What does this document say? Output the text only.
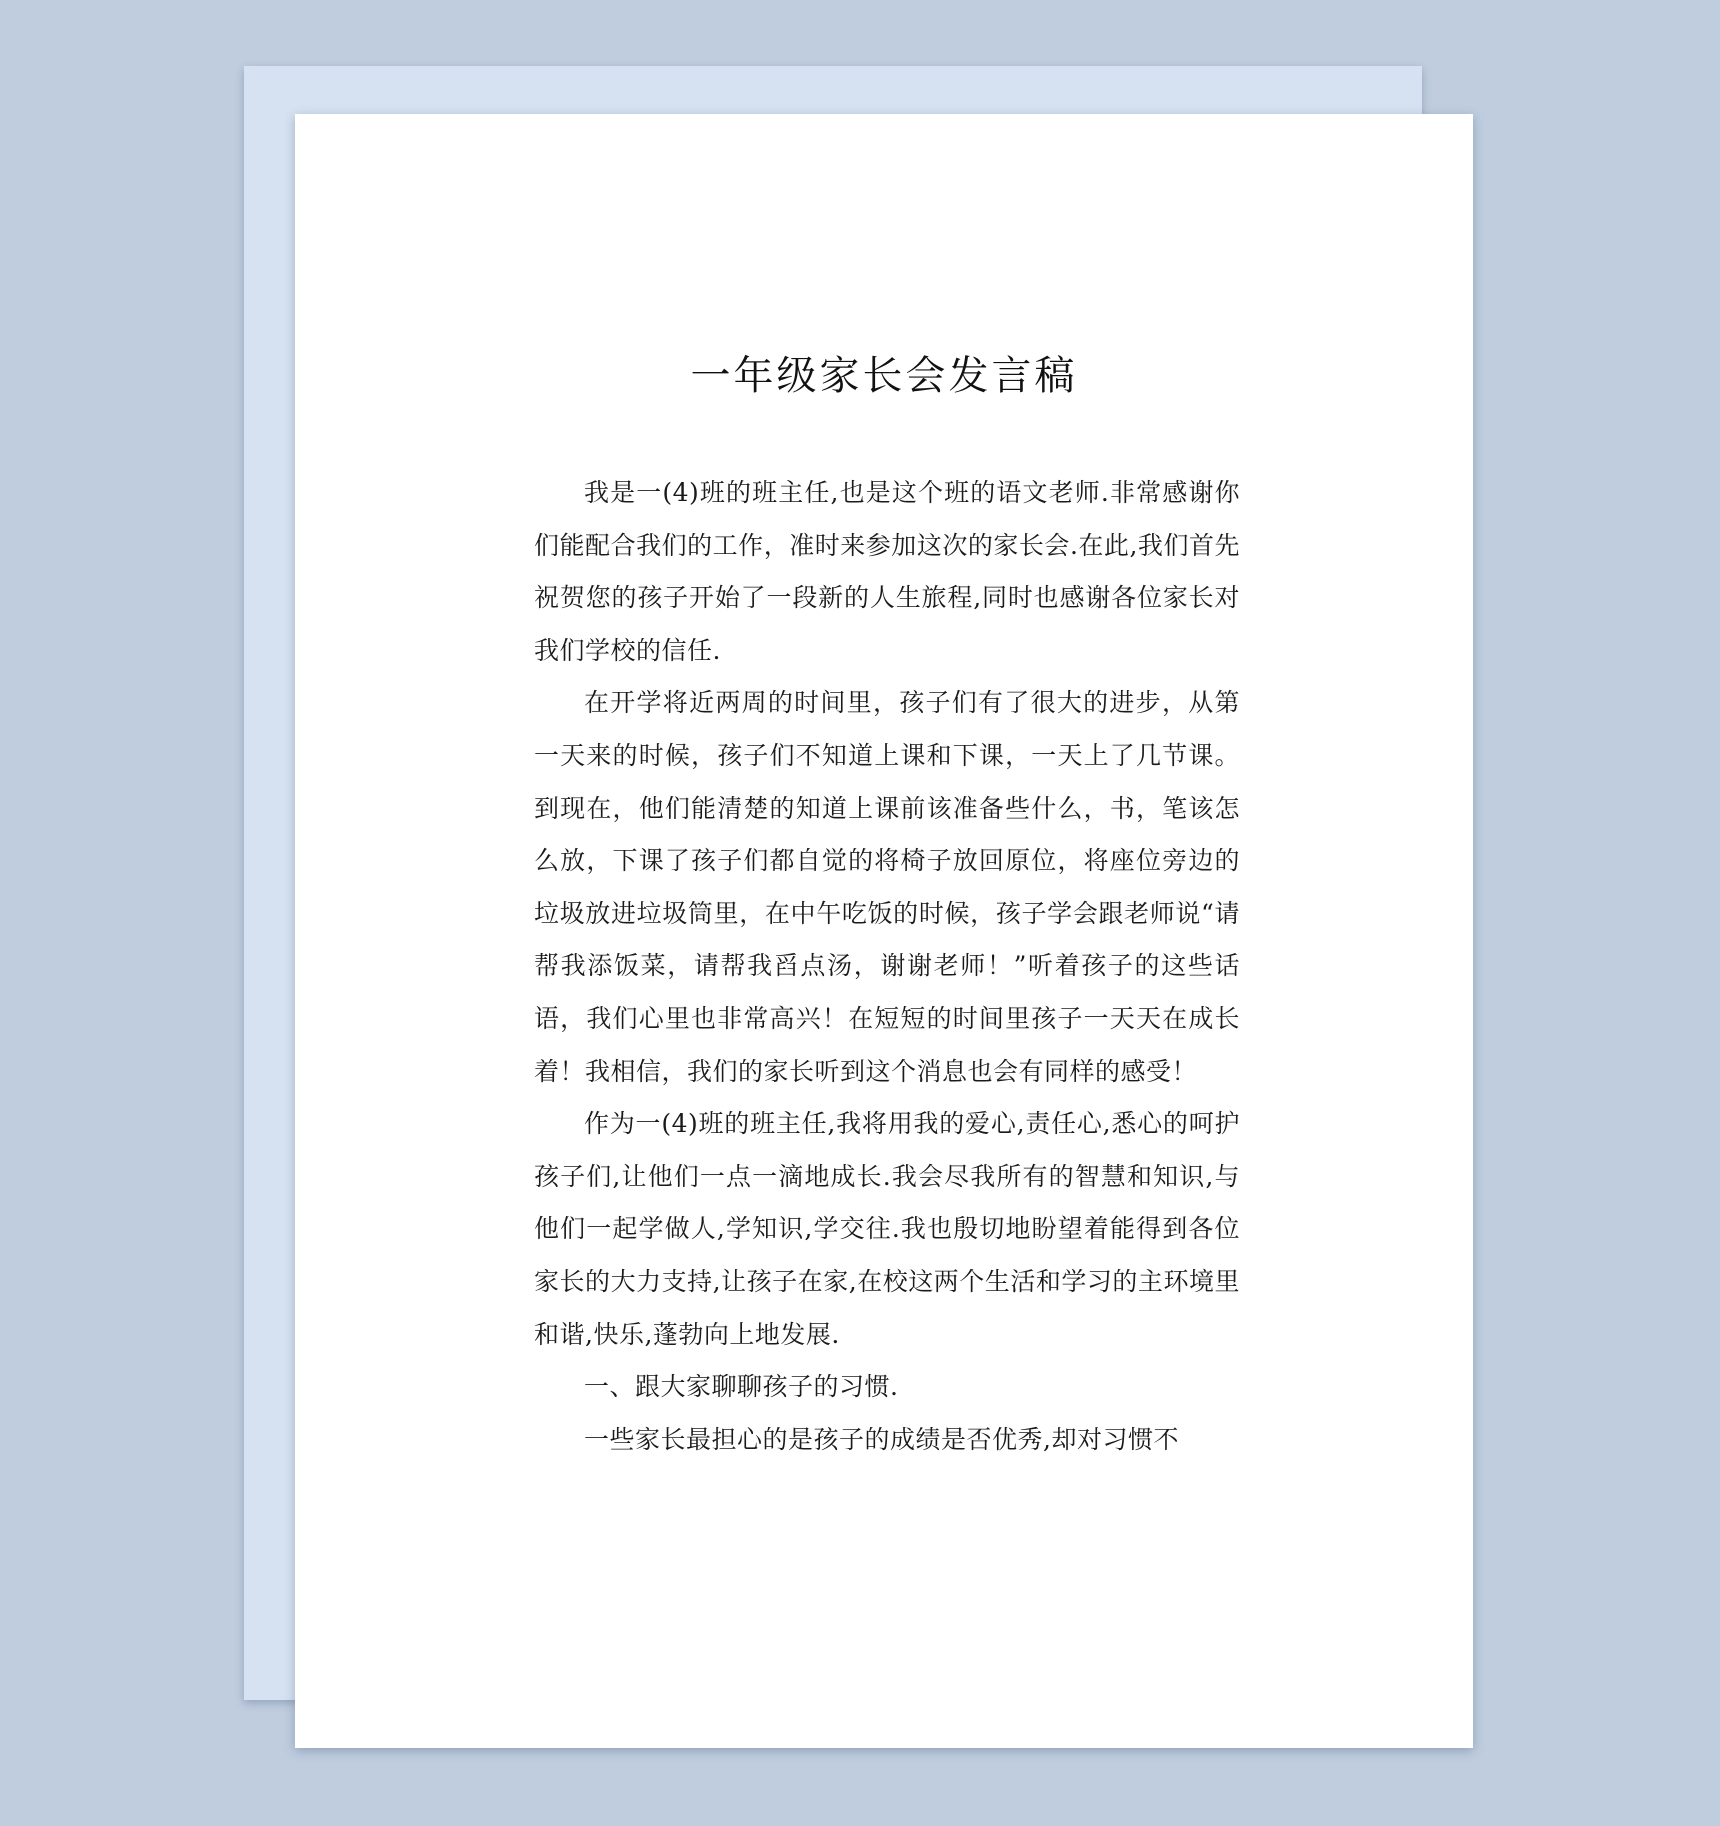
一年级家长会发言稿

我是一(4)班的班主任,也是这个班的语文老师.非常感谢你们能配合我们的工作，准时来参加这次的家长会.在此,我们首先祝贺您的孩子开始了一段新的人生旅程,同时也感谢各位家长对我们学校的信任.

在开学将近两周的时间里，孩子们有了很大的进步，从第一天来的时候，孩子们不知道上课和下课，一天上了几节课。到现在，他们能清楚的知道上课前该准备些什么，书，笔该怎么放，下课了孩子们都自觉的将椅子放回原位，将座位旁边的垃圾放进垃圾筒里，在中午吃饭的时候，孩子学会跟老师说“请帮我添饭菜，请帮我舀点汤，谢谢老师！”听着孩子的这些话语，我们心里也非常高兴！在短短的时间里孩子一天天在成长着！我相信，我们的家长听到这个消息也会有同样的感受！

作为一(4)班的班主任,我将用我的爱心,责任心,悉心的呵护孩子们,让他们一点一滴地成长.我会尽我所有的智慧和知识,与他们一起学做人,学知识,学交往.我也殷切地盼望着能得到各位家长的大力支持,让孩子在家,在校这两个生活和学习的主环境里和谐,快乐,蓬勃向上地发展.

一、跟大家聊聊孩子的习惯.

一些家长最担心的是孩子的成绩是否优秀,却对习惯不
